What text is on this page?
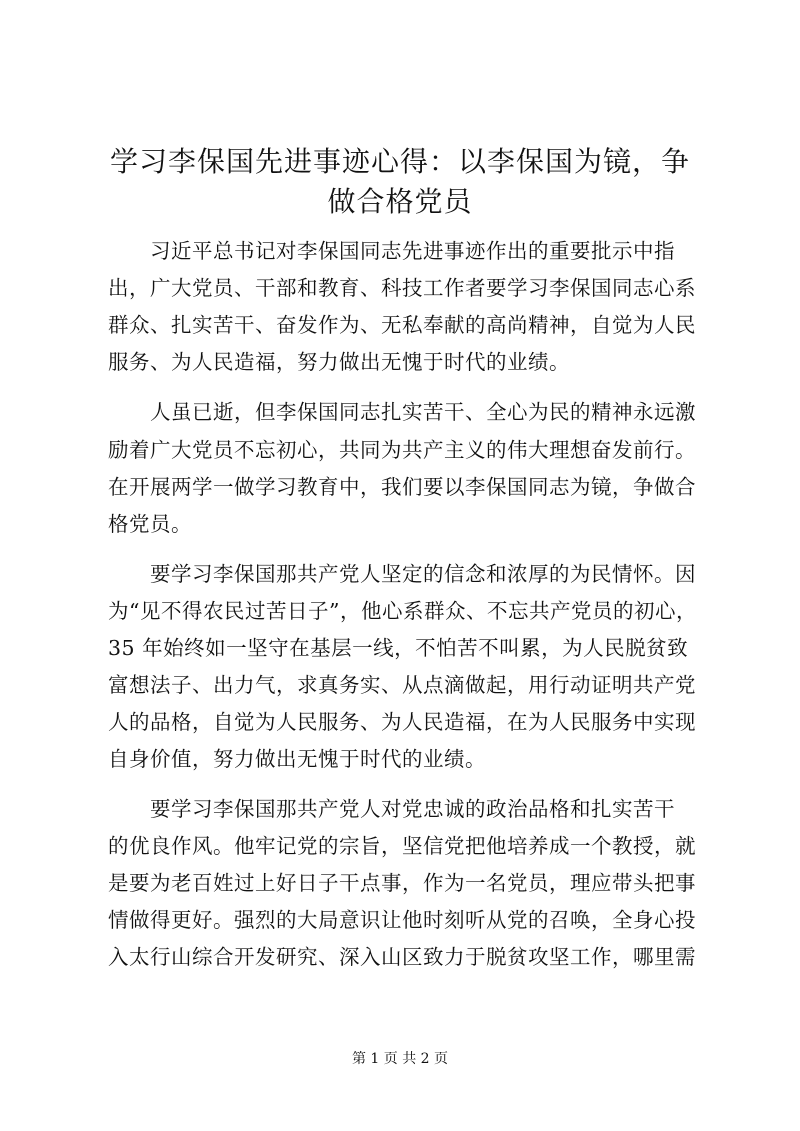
学习李保国先进事迹心得：以李保国为镜，争
做合格党员
习近平总书记对李保国同志先进事迹作出的重要批示中指
出，广大党员、干部和教育、科技工作者要学习李保国同志心系
群众、扎实苦干、奋发作为、无私奉献的高尚精神，自觉为人民
服务、为人民造福，努力做出无愧于时代的业绩。
人虽已逝，但李保国同志扎实苦干、全心为民的精神永远激
励着广大党员不忘初心，共同为共产主义的伟大理想奋发前行。
在开展两学一做学习教育中，我们要以李保国同志为镜，争做合
格党员。
要学习李保国那共产党人坚定的信念和浓厚的为民情怀。因
为“见不得农民过苦日子”，他心系群众、不忘共产党员的初心，
35 年始终如一坚守在基层一线，不怕苦不叫累，为人民脱贫致
富想法子、出力气，求真务实、从点滴做起，用行动证明共产党
人的品格，自觉为人民服务、为人民造福，在为人民服务中实现
自身价值，努力做出无愧于时代的业绩。
要学习李保国那共产党人对党忠诚的政治品格和扎实苦干
的优良作风。他牢记党的宗旨，坚信党把他培养成一个教授，就
是要为老百姓过上好日子干点事，作为一名党员，理应带头把事
情做得更好。强烈的大局意识让他时刻听从党的召唤，全身心投
入太行山综合开发研究、深入山区致力于脱贫攻坚工作，哪里需
第 1 页 共 2 页
